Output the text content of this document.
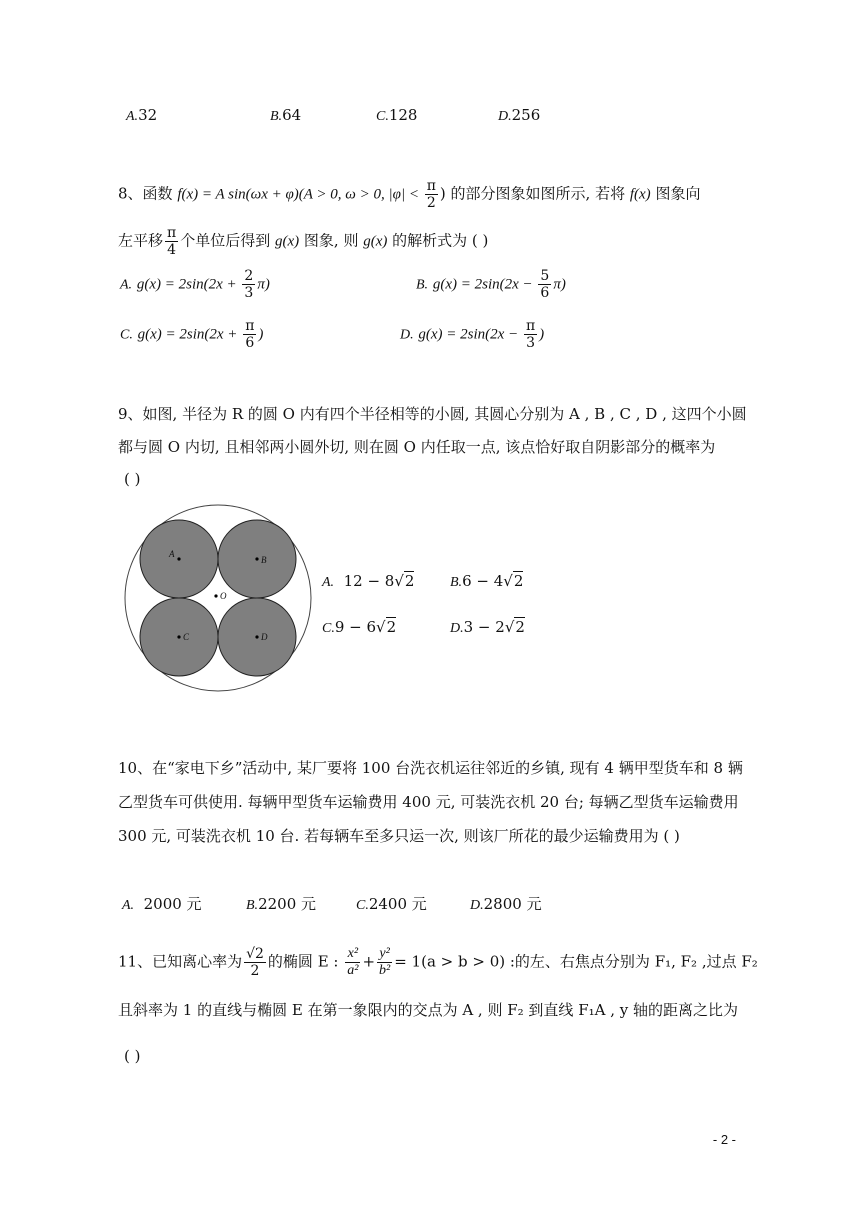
A.32	B.64	C.128	D.256
8、函数 f(x) = A sin(ωx + φ)(A > 0, ω > 0, $|\varphi| < \frac{\pi}{2}$ ) 的部分图象如图所示, 若将 f(x) 图象向
左平移 $\frac{\pi}{4}$ 个单位后得到 g(x) 图象, 则 g(x) 的解析式为 ( )
A. $g(x) = 2\sin(2x + \frac{2}{3} \pi)$	B. $g(x) = 2\sin(2x - \frac{5}{6} \pi)$
C. $g(x) = 2\sin(2x + \frac{\pi}{6}$ )	D. $g(x) = 2\sin(2x - \frac{\pi}{3}$ )
9、如图, 半径为 R 的圆 O 内有四个半径相等的小圆, 其圆心分别为 A , B , C , D , 这四个小圆
都与圆 O 内切, 且相邻两小圆外切, 则在圆 O 内任取一点, 该点恰好取自阴影部分的概率为
( )
A
B
C	D
O
A. 12 − 8√2	B.6 − 4√2
C.9 − 6√2	D.3 − 2√2
10、在“家电下乡”活动中, 某厂要将 100 台洗衣机运往邻近的乡镇, 现有 4 辆甲型货车和 8 辆
乙型货车可供使用. 每辆甲型货车运输费用 400 元, 可装洗衣机 20 台; 每辆乙型货车运输费用
300 元, 可装洗衣机 10 台. 若每辆车至多只运一次, 则该厂所花的最少运输费用为 ( )
A. 2000 元	B.2200 元	C.2400 元	D.2800 元
11、已知离心率为 $\frac{√2}{2}$ 的椭圆 E : $\frac{\text{x²}}{\text{a²}} + \frac{\text{y²}}{\text{b²}} = 1(a > b > 0)$ :的左、右焦点分别为 F₁, F₂ ,过点 F₂
且斜率为 1 的直线与椭圆 E 在第一象限内的交点为 A , 则 F₂ 到直线 F₁A , y 轴的距离之比为
( )
- 2 -
